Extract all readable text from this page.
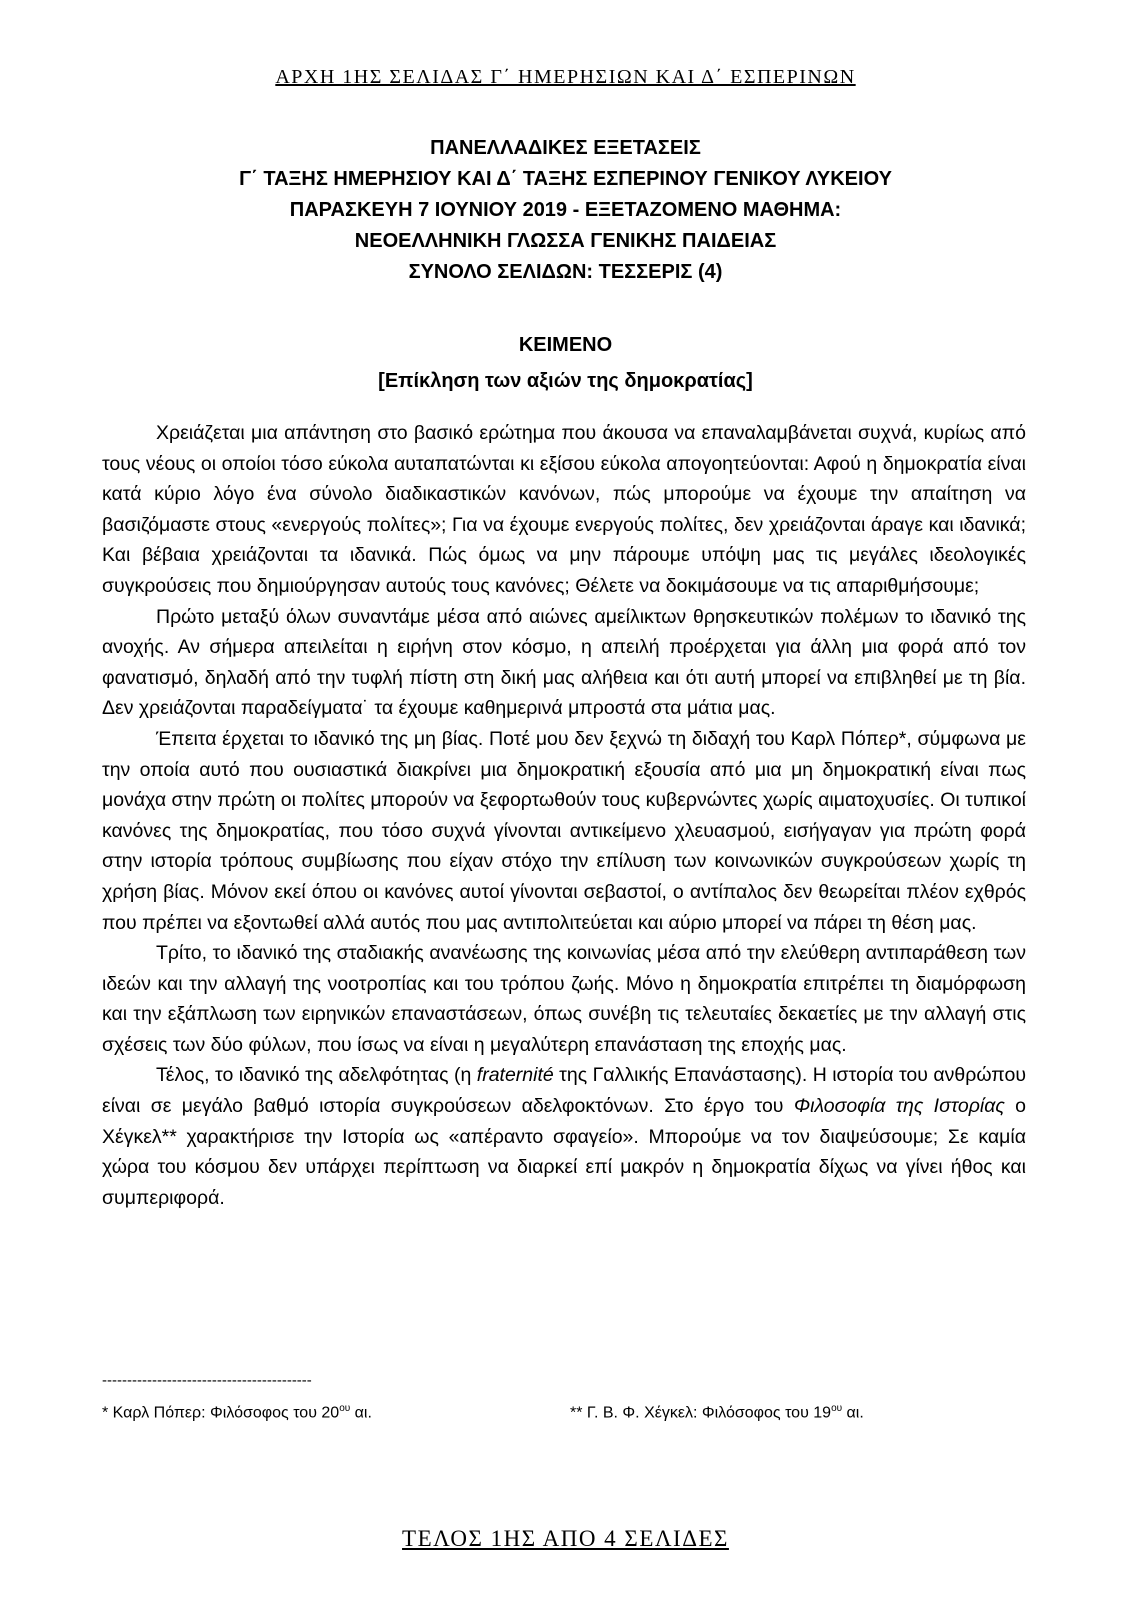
ΑΡΧΗ 1ΗΣ ΣΕΛΙΔΑΣ Γ΄ ΗΜΕΡΗΣΙΩΝ ΚΑΙ Δ΄ ΕΣΠΕΡΙΝΩΝ
ΠΑΝΕΛΛΑΔΙΚΕΣ ΕΞΕΤΑΣΕΙΣ
Γ΄ ΤΑΞΗΣ ΗΜΕΡΗΣΙΟΥ ΚΑΙ Δ΄ ΤΑΞΗΣ ΕΣΠΕΡΙΝΟΥ ΓΕΝΙΚΟΥ ΛΥΚΕΙΟΥ
ΠΑΡΑΣΚΕΥΗ 7 ΙΟΥΝΙΟΥ 2019 - ΕΞΕΤΑΖΟΜΕΝΟ ΜΑΘΗΜΑ:
ΝΕΟΕΛΛΗΝΙΚΗ ΓΛΩΣΣΑ ΓΕΝΙΚΗΣ ΠΑΙΔΕΙΑΣ
ΣΥΝΟΛΟ ΣΕΛΙΔΩΝ: ΤΕΣΣΕΡΙΣ (4)
ΚΕΙΜΕΝΟ
[Επίκληση των αξιών της δημοκρατίας]

Χρειάζεται μια απάντηση στο βασικό ερώτημα που άκουσα να επαναλαμβάνεται συχνά, κυρίως από τους νέους οι οποίοι τόσο εύκολα αυταπατώνται κι εξίσου εύκολα απογοητεύονται: Αφού η δημοκρατία είναι κατά κύριο λόγο ένα σύνολο διαδικαστικών κανόνων, πώς μπορούμε να έχουμε την απαίτηση να βασιζόμαστε στους «ενεργούς πολίτες»; Για να έχουμε ενεργούς πολίτες, δεν χρειάζονται άραγε και ιδανικά; Και βέβαια χρειάζονται τα ιδανικά. Πώς όμως να μην πάρουμε υπόψη μας τις μεγάλες ιδεολογικές συγκρούσεις που δημιούργησαν αυτούς τους κανόνες; Θέλετε να δοκιμάσουμε να τις απαριθμήσουμε;

Πρώτο μεταξύ όλων συναντάμε μέσα από αιώνες αμείλικτων θρησκευτικών πολέμων το ιδανικό της ανοχής. Αν σήμερα απειλείται η ειρήνη στον κόσμο, η απειλή προέρχεται για άλλη μια φορά από τον φανατισμό, δηλαδή από την τυφλή πίστη στη δική μας αλήθεια και ότι αυτή μπορεί να επιβληθεί με τη βία. Δεν χρειάζονται παραδείγματα˙ τα έχουμε καθημερινά μπροστά στα μάτια μας.

Έπειτα έρχεται το ιδανικό της μη βίας. Ποτέ μου δεν ξεχνώ τη διδαχή του Καρλ Πόπερ*, σύμφωνα με την οποία αυτό που ουσιαστικά διακρίνει μια δημοκρατική εξουσία από μια μη δημοκρατική είναι πως μονάχα στην πρώτη οι πολίτες μπορούν να ξεφορτωθούν τους κυβερνώντες χωρίς αιματοχυσίες. Οι τυπικοί κανόνες της δημοκρατίας, που τόσο συχνά γίνονται αντικείμενο χλευασμού, εισήγαγαν για πρώτη φορά στην ιστορία τρόπους συμβίωσης που είχαν στόχο την επίλυση των κοινωνικών συγκρούσεων χωρίς τη χρήση βίας. Μόνον εκεί όπου οι κανόνες αυτοί γίνονται σεβαστοί, ο αντίπαλος δεν θεωρείται πλέον εχθρός που πρέπει να εξοντωθεί αλλά αυτός που μας αντιπολιτεύεται και αύριο μπορεί να πάρει τη θέση μας.

Τρίτο, το ιδανικό της σταδιακής ανανέωσης της κοινωνίας μέσα από την ελεύθερη αντιπαράθεση των ιδεών και την αλλαγή της νοοτροπίας και του τρόπου ζωής. Μόνο η δημοκρατία επιτρέπει τη διαμόρφωση και την εξάπλωση των ειρηνικών επαναστάσεων, όπως συνέβη τις τελευταίες δεκαετίες με την αλλαγή στις σχέσεις των δύο φύλων, που ίσως να είναι η μεγαλύτερη επανάσταση της εποχής μας.

Τέλος, το ιδανικό της αδελφότητας (η fraternité της Γαλλικής Επανάστασης). Η ιστορία του ανθρώπου είναι σε μεγάλο βαθμό ιστορία συγκρούσεων αδελφοκτόνων. Στο έργο του Φιλοσοφία της Ιστορίας ο Χέγκελ** χαρακτήρισε την Ιστορία ως «απέραντο σφαγείο». Μπορούμε να τον διαψεύσουμε; Σε καμία χώρα του κόσμου δεν υπάρχει περίπτωση να διαρκεί επί μακρόν η δημοκρατία δίχως να γίνει ήθος και συμπεριφορά.

------------------------------------------
* Καρλ Πόπερ: Φιλόσοφος του $20^{o\upsilon}$ αι.	** Γ. Β. Φ. Χέγκελ: Φιλόσοφος του $19^{o\upsilon}$ αι.
ΤΕΛΟΣ 1ΗΣ ΑΠΟ 4 ΣΕΛΙΔΕΣ
